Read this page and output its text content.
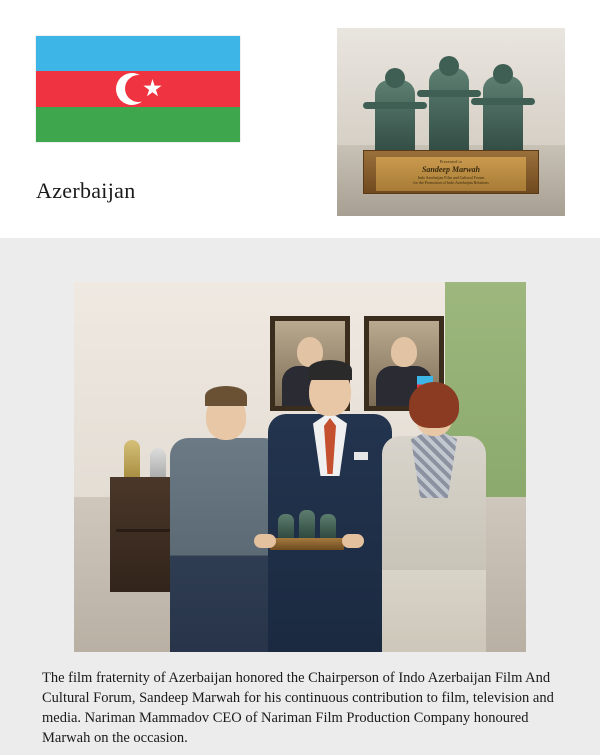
Azerbaijan
Presented to
Sandeep Marwah
Indo Azerbaijan Film and Cultural Forum
for the Promotion of Indo Azerbaijan Relations
The film fraternity of Azerbaijan honored the Chairperson of Indo Azerbaijan Film And Cultural Forum, Sandeep Marwah for his continuous contribution to film, television and media. Nariman Mammadov CEO of Nariman Film Production Company honoured Marwah on the occasion.
